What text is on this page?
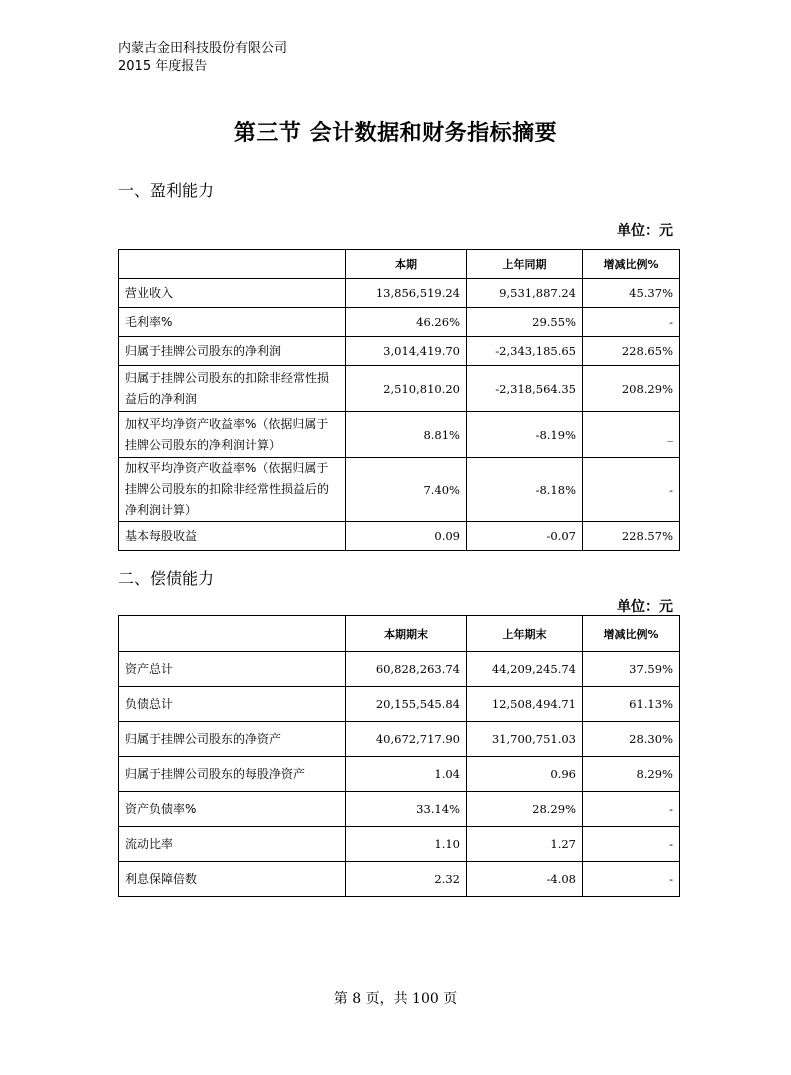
内蒙古金田科技股份有限公司
2015 年度报告
第三节 会计数据和财务指标摘要
一、盈利能力
单位：元
	本期	上年同期	增减比例%
营业收入	13,856,519.24	9,531,887.24	45.37%
毛利率%	46.26%	29.55%	-
归属于挂牌公司股东的净利润	3,014,419.70	-2,343,185.65	228.65%
归属于挂牌公司股东的扣除非经常性损益后的净利润	2,510,810.20	-2,318,564.35	208.29%
加权平均净资产收益率%（依据归属于挂牌公司股东的净利润计算）	8.81%	-8.19%	_
加权平均净资产收益率%（依据归属于挂牌公司股东的扣除非经常性损益后的净利润计算）	7.40%	-8.18%	-
基本每股收益	0.09	-0.07	228.57%
二、偿债能力
单位：元
	本期期末	上年期末	增减比例%
资产总计	60,828,263.74	44,209,245.74	37.59%
负债总计	20,155,545.84	12,508,494.71	61.13%
归属于挂牌公司股东的净资产	40,672,717.90	31,700,751.03	28.30%
归属于挂牌公司股东的每股净资产	1.04	0.96	8.29%
资产负债率%	33.14%	28.29%	-
流动比率	1.10	1.27	-
利息保障倍数	2.32	-4.08	-
第 8 页，共 100 页
